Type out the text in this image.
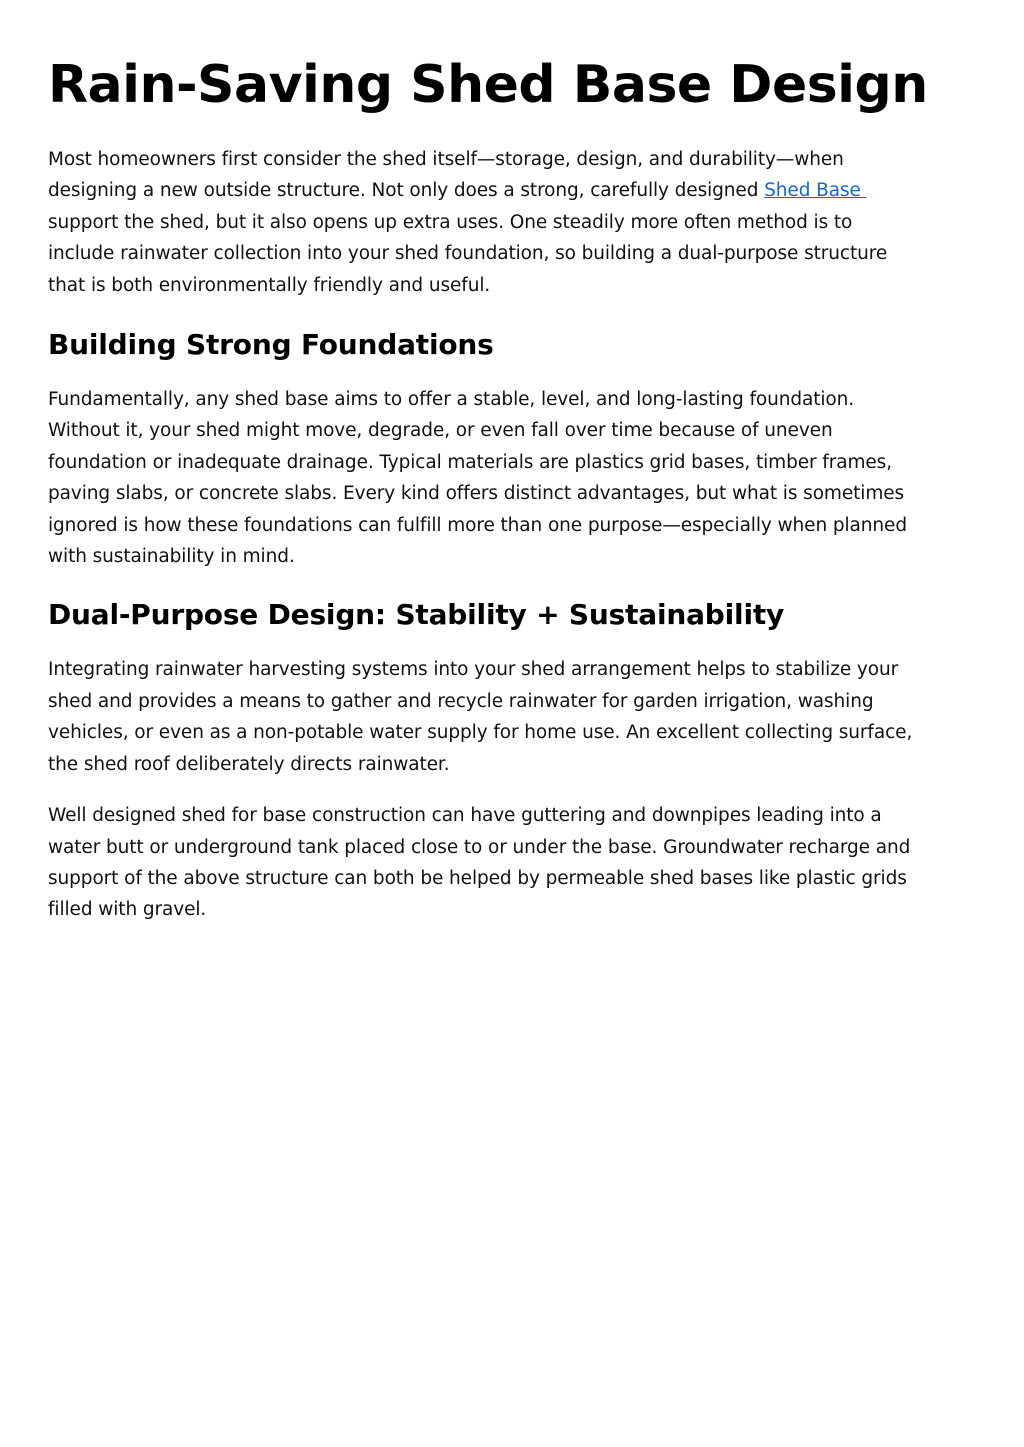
Rain-Saving Shed Base Design

Most homeowners first consider the shed itself—storage, design, and durability—when
designing a new outside structure. Not only does a strong, carefully designed Shed Base
support the shed, but it also opens up extra uses. One steadily more often method is to
include rainwater collection into your shed foundation, so building a dual-purpose structure
that is both environmentally friendly and useful.

Building Strong Foundations

Fundamentally, any shed base aims to offer a stable, level, and long-lasting foundation.
Without it, your shed might move, degrade, or even fall over time because of uneven
foundation or inadequate drainage. Typical materials are plastics grid bases, timber frames,
paving slabs, or concrete slabs. Every kind offers distinct advantages, but what is sometimes
ignored is how these foundations can fulfill more than one purpose—especially when planned
with sustainability in mind.

Dual-Purpose Design: Stability + Sustainability

Integrating rainwater harvesting systems into your shed arrangement helps to stabilize your
shed and provides a means to gather and recycle rainwater for garden irrigation, washing
vehicles, or even as a non-potable water supply for home use. An excellent collecting surface,
the shed roof deliberately directs rainwater.

Well designed shed for base construction can have guttering and downpipes leading into a
water butt or underground tank placed close to or under the base. Groundwater recharge and
support of the above structure can both be helped by permeable shed bases like plastic grids
filled with gravel.
